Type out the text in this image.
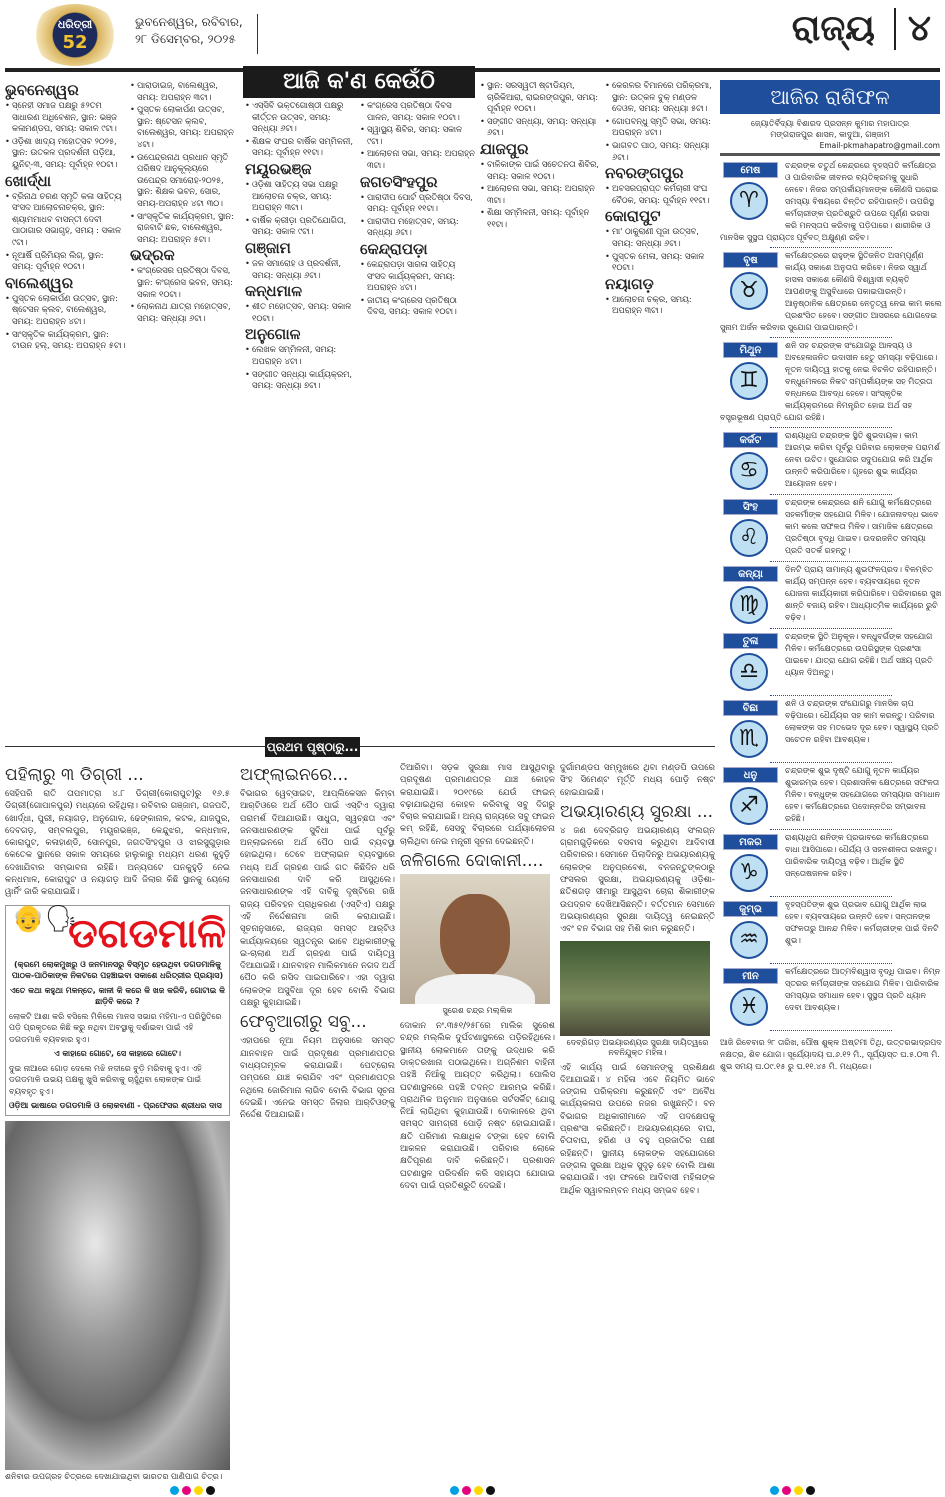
ଧରିତ୍ରୀ
52
ଭୁବନେଶ୍ୱର, ରବିବାର,
୨୮ ଡିସେମ୍ବର, ୨୦୨୫	ରାଜ୍ୟ ୪
ଆଜି କ'ଣ କେଉଁଠି
ଭୁବନେଶ୍ୱର
• ସ୍ନେହୀ ସମାଜ ପକ୍ଷରୁ ୫୨ତମ ସାଧାରଣ ଅଧିବେଶନ, ସ୍ଥାନ: ଭଞ୍ଜ କଳାମଣ୍ଡପ, ସମୟ: ସକାଳ ୯ଟା।
• ଓଡ଼ିଶା ଖାଦ୍ୟ ମହୋତ୍ସବ ୨୦୨୫, ସ୍ଥାନ: ଉତକଳ ପ୍ରଦର୍ଶନୀ ପଡ଼ିଆ, ୟୁନିଟ୍‌-୩, ସମୟ: ପୂର୍ବାହ୍ନ ୧୦ଟା।
ଖୋର୍ଦ୍ଧା
• ବ୍ରିନାଥ ଚରଣ ସ୍ମୃତି କଳା ସାହିତ୍ୟ ସଂସଦ ଆଲୋଚନାଚକ୍ର, ସ୍ଥାନ: ଶ୍ୟାମମାଧବ ବାସନ୍ତୀ ଦେବୀ ପାଠାଗାର ସଭାଗୃହ, ସମୟ : ସକାଳ ୯ଟା।
• ନୂଆର୍ଷି ପ୍ରିମିୟର ଲିଗ୍‌, ସ୍ଥାନ: ସମୟ: ପୂର୍ବାହ୍ନ ୧୦ଟା।
ବାଲେଶ୍ୱର
• ପୁସ୍ତକ ଲୋକାର୍ପଣ ଉତ୍ସବ, ସ୍ଥାନ: ଷ୍ଟେସନ କ୍ଲବ, ବାଲେଶ୍ୱର, ସମୟ: ଅପରାହ୍ନ ୪ଟା।
• ସାଂସ୍କୃତିକ କାର୍ଯ୍ୟକ୍ରମ, ସ୍ଥାନ: ଟାଉନ ହଲ୍‌, ସମୟ: ଅପରାହ୍ନ ୫ଟା।
• ପାରାଡାଇଜ୍‌, ବାଲେଶ୍ୱର, ସମୟ: ଅପରାହ୍ନ ୩ଟା।
• ପୁସ୍ତକ ଲୋକାର୍ପଣ ଉତ୍ସବ, ସ୍ଥାନ: ଷ୍ଟେସନ କ୍ଲବ, ବାଲେଶ୍ୱର, ସମୟ: ଅପରାହ୍ନ ୪ଟା।
• ଉପେନ୍ଦ୍ରନାଥ ପ୍ରଧାନ ସ୍ମୃତି ପରିଷଦ ଆନୁକୂଲ୍ୟରେ ଉପେନ୍ଦ୍ର ସମାରୋହ-୨୦୨୫, ସ୍ଥାନ: ଶିକ୍ଷକ ଭବନ, ସୋର, ସମୟ-ଅପରାହ୍ନ ୪ଟା ୩୦।
• ସାଂସ୍କୃତିକ କାର୍ଯ୍ୟକ୍ରମ, ସ୍ଥାନ: ରାଜବାଟି ଛକ, ବାଲେଶ୍ୱର, ସମୟ: ଅପରାହ୍ନ ୫ଟା।
ଭଦ୍ରକ
• କଂଗ୍ରେସର ପ୍ରତିଷ୍ଠା ଦିବସ, ସ୍ଥାନ: କଂଗ୍ରେସ ଭବନ, ସମୟ: ସକାଳ ୧୦ଟା।
• ଲୋକନାଥ ଯାତ୍ରା ମହୋତ୍ସବ, ସମୟ: ସନ୍ଧ୍ୟା ୬ଟା।
• ଏସ୍‌ସିବି ଭକ୍ତଗୋଷ୍ଠୀ ପକ୍ଷରୁ କୀର୍ତ୍ତନ ଉତ୍ସବ, ସମୟ: ସନ୍ଧ୍ୟା ୬ଟା।
• ଶିକ୍ଷକ ସଂଘର ବାର୍ଷିକ ସମ୍ମିଳନୀ, ସମୟ: ପୂର୍ବାହ୍ନ ୧୧ଟା।
ମୟୂରଭଞ୍ଜ
• ଓଡ଼ିଶା ସାହିତ୍ୟ ସଭା ପକ୍ଷରୁ ଆଲୋଚନା ଚକ୍ର, ସମୟ: ଅପରାହ୍ନ ୩ଟା।
• ବାର୍ଷିକ କ୍ରୀଡ଼ା ପ୍ରତିଯୋଗିତା, ସମୟ: ସକାଳ ୯ଟା।
ଗଞ୍ଜାମ
• ଜଳ ସମାରୋହ ଓ ପ୍ରଦର୍ଶନୀ, ସମୟ: ସନ୍ଧ୍ୟା ୬ଟା।
କନ୍ଧମାଳ
• ଶୀତ ମହୋତ୍ସବ, ସମୟ: ସକାଳ ୧୦ଟା।
ଅନୁଗୋଳ
• ଲେଖକ ସମ୍ମିଳନୀ, ସମୟ: ଅପରାହ୍ନ ୪ଟା।
• ସଙ୍ଗୀତ ସନ୍ଧ୍ୟା କାର୍ଯ୍ୟକ୍ରମ, ସମୟ: ସନ୍ଧ୍ୟା ୭ଟା।
• କଂଗ୍ରେସ ପ୍ରତିଷ୍ଠା ଦିବସ ପାଳନ, ସମୟ: ସକାଳ ୧୦ଟା।
• ସ୍ୱାସ୍ଥ୍ୟ ଶିବିର, ସମୟ: ସକାଳ ୯ଟା।
• ଆଲୋଚନା ସଭା, ସମୟ: ଅପରାହ୍ନ ୩ଟା।
ଜଗତସିଂହପୁର
• ପାରାଦୀପ ପୋର୍ଟ ପ୍ରତିଷ୍ଠା ଦିବସ, ସମୟ: ପୂର୍ବାହ୍ନ ୧୧ଟା।
• ପାରାଦୀପ ମହୋତ୍ସବ, ସମୟ: ସନ୍ଧ୍ୟା ୬ଟା।
କେନ୍ଦ୍ରାପଡ଼ା
• କେନ୍ଦ୍ରାପଡ଼ା ସାରଳା ସାହିତ୍ୟ ସଂସଦ କାର୍ଯ୍ୟକ୍ରମ, ସମୟ: ଅପରାହ୍ନ ୪ଟା।
• ଜାତୀୟ କଂଗ୍ରେସ ପ୍ରତିଷ୍ଠା ଦିବସ, ସମୟ: ସକାଳ ୧୦ଟା।
• ସ୍ଥାନ: ସରସ୍ୱତୀ ଷ୍ଟାଡିୟମ, ଚାରିକିଆରା, ରାଇରଙ୍ଗପୁର, ସମୟ: ପୂର୍ବାହ୍ନ ୧୦ଟା।
• ସଙ୍ଗୀତ ସନ୍ଧ୍ୟା, ସମୟ: ସନ୍ଧ୍ୟା ୬ଟା।
ଯାଜପୁର
• ବାଳିକାଙ୍କ ପାଇଁ ସଚେତନତା ଶିବିର, ସମୟ: ସକାଳ ୧୦ଟା।
• ଆଲୋଚନା ସଭା, ସମୟ: ଅପରାହ୍ନ ୩ଟା।
• ଶିକ୍ଷା ସମ୍ମିଳନୀ, ସମୟ: ପୂର୍ବାହ୍ନ ୧୧ଟା।
• କେରଳର ବିମାନରେ ପରିକ୍ରମା, ସ୍ଥାନ: ଉତ୍କଳ ବୁକ୍ ମଣ୍ଡଳ ଦେଓଳ, ସମୟ: ସନ୍ଧ୍ୟା ୫ଟା।
• ଗୋପବନ୍ଧୁ ସ୍ମୃତି ସଭା, ସମୟ: ଅପରାହ୍ନ ୪ଟା।
• ଭାଗବତ ପାଠ, ସମୟ: ସନ୍ଧ୍ୟା ୬ଟା।
ନବରଙ୍ଗପୁର
• ଅବସରପ୍ରାପ୍ତ କର୍ମଚାରୀ ସଂଘ ବୈଠକ, ସମୟ: ପୂର୍ବାହ୍ନ ୧୧ଟା।
କୋରାପୁଟ
• ମା' ଠାକୁରାଣୀ ପୂଜା ଉତ୍ସବ, ସମୟ: ସନ୍ଧ୍ୟା ୬ଟା।
• ପୁସ୍ତକ ମେଳା, ସମୟ: ସକାଳ ୧୦ଟା।
ନୟାଗଡ଼
• ଆଲୋଚନା ଚକ୍ର, ସମୟ: ଅପରାହ୍ନ ୩ଟା।
ଆଜିର ରାଶିଫଳ
ଜ୍ୟୋତିର୍ବିଦ୍ୟା ବିଶାରଦ ପ୍ରସନ୍ନ କୁମାର ମହାପାତ୍ର
ମଙ୍ଗରାଜପୁର ଶାସନ, କାଦୁଆ, ଗଞ୍ଜାମ
Email-pkmahapatro@gmail.com
ମେଷ
♈
ଚନ୍ଦ୍ରଙ୍କ ଚତୁର୍ଥ କେନ୍ଦ୍ରରେ ବୃହସ୍ପତି କର୍ମକ୍ଷେତ୍ର ଓ ପାରିବାରିକ ଜୀବନର ବ୍ୟତିକ୍ରମକୁ ସୁଧାରି ନେବେ। ନିଜର ସମ୍ପର୍କୀୟମାନଙ୍କ କୌଣସି ଘରୋଇ ସମସ୍ୟା ବିଷୟରେ ଚିନ୍ତିତ ରହିପାରନ୍ତି। ଉପରିସ୍ଥ କର୍ମଚାରୀଙ୍କ ପ୍ରତିଶ୍ରୁତି ଉପରେ ପୂର୍ଣ୍ଣ ଭରସା କରି ମନସ୍ତାପ କରିବାକୁ ପଡ଼ିପାରେ। ଶାରୀରିକ ଓ ମାନସିକ ସୁସ୍ଥତା ପ୍ରାୟତଃ ପୂର୍ବବତ୍‌ ଅକ୍ଷୁଣ୍ଣ ରହିବ।
ବୃଷ
♉
କର୍ମକ୍ଷେତ୍ରରେ ରାହୁଙ୍କ ସ୍ଥିତିଜନିତ ଅସମ୍ପୂର୍ଣ୍ଣ କାର୍ଯ୍ୟ ସକାଶେ ଅନୁତାପ କରିବେ। ନିଜର ସ୍ୱାର୍ଥ ହାସଲ ସକାଶେ କୌଣସି ବିଶ୍ୱାସୀ ବ୍ୟକ୍ତି ଆପଣଙ୍କୁ ଅସୁବିଧାରେ ପକାଇପାରନ୍ତି। ଆନୁଷ୍ଠାନିକ କ୍ଷେତ୍ରରେ ନେତୃତ୍ୱ ନେଇ କାମ କଲେ ପ୍ରଶଂସିତ ହେବେ। ସଙ୍ଗୀତ ଆସରରେ ଯୋଗଦେଇ ସୁନାମ ଅର୍ଜନ କରିବାର ସୁଯୋଗ ପାଇପାରନ୍ତି।
ମିଥୁନ
♊
ଶନି ସହ ଚନ୍ଦ୍ରଙ୍କ ସଂଯୋଗରୁ ଆଳସ୍ୟ ଓ ଅବହେଳାଜନିତ ଉଦାସୀନ ହେତୁ ସମସ୍ୟା ବଢ଼ିପାରେ। ନୂତନ ଦାୟିତ୍ୱ ହାତକୁ ନେଇ ବିଚଳିତ ରହିପାରନ୍ତି। ବନ୍ଧୁମେଳରେ ନିକଟ ସମ୍ପର୍କୀୟଙ୍କ ସହ ମିତ୍ରତା ବନ୍ଧନରେ ଆବଦ୍ଧ ହେବେ। ସାଂସ୍କୃତିକ କାର୍ଯ୍ୟକ୍ରମରେ ନିମନ୍ତ୍ରିତ ହୋଇ ଅର୍ଥ ସହ ବସ୍ତ୍ରଭୂଷଣ ପ୍ରାପ୍ତି ଯୋଗ ରହିଛି।
କର୍କଟ
♋
ରାଶ୍ୟାଧିପ ଚନ୍ଦ୍ରଙ୍କ ସ୍ଥିତି ଶୁଭଦାୟକ। କାମ ଆରମ୍ଭ କରିବା ପୂର୍ବରୁ ପରିବାର ଲୋକଙ୍କ ପରାମର୍ଶ ନେବା ଉଚିତ। ସୁଯୋଗର ସଦୁପଯୋଗ କରି ଆର୍ଥିକ ଉନ୍ନତି କରିପାରିବେ। ଗୃହରେ ଶୁଭ କାର୍ଯ୍ୟର ଆୟୋଜନ ହେବ।
ସିଂହ
♌
ଚନ୍ଦ୍ରଙ୍କ କେନ୍ଦ୍ରରେ ଶନି ଯୋଗୁ କର୍ମକ୍ଷେତ୍ରରେ ସହକର୍ମୀଙ୍କ ସହଯୋଗ ମିଳିବ। ଯୋଜନାବଦ୍ଧ ଭାବେ କାମ କଲେ ସଫଳତା ମିଳିବ। ସାମାଜିକ କ୍ଷେତ୍ରରେ ପ୍ରତିଷ୍ଠା ବୃଦ୍ଧି ପାଇବ। ଉଦରଜନିତ ସମସ୍ୟା ପ୍ରତି ସତର୍କ ରହନ୍ତୁ।
କନ୍ୟା
♍
ଦିନଟି ପ୍ରାୟ ସାମାନ୍ୟ ଶୁଭଫଳପ୍ରଦ। ବିଳମ୍ବିତ କାର୍ଯ୍ୟ ସମ୍ପନ୍ନ ହେବ। ବ୍ୟବସାୟରେ ନୂତନ ଯୋଜନା କାର୍ଯ୍ୟକାରୀ କରିପାରିବେ। ପରିବାରରେ ସୁଖ ଶାନ୍ତି ବଜାୟ ରହିବ। ଆଧ୍ୟାତ୍ମିକ କାର୍ଯ୍ୟରେ ରୁଚି ବଢ଼ିବ।
ତୁଳା
♎
ଚନ୍ଦ୍ରଙ୍କ ସ୍ଥିତି ଅନୁକୂଳ। ବନ୍ଧୁବର୍ଗଙ୍କ ସହଯୋଗ ମିଳିବ। କର୍ମକ୍ଷେତ୍ରରେ ଉପରିସ୍ଥଙ୍କ ପ୍ରଶଂସା ପାଇବେ। ଯାତ୍ରା ଯୋଗ ରହିଛି। ଅର୍ଥ ସଞ୍ଚୟ ପ୍ରତି ଧ୍ୟାନ ଦିଅନ୍ତୁ।
ବିଛା
♏
ଶନି ଓ ଚନ୍ଦ୍ରଙ୍କ ସଂଯୋଗରୁ ମାନସିକ ଚାପ ବଢ଼ିପାରେ। ଧୈର୍ଯ୍ୟର ସହ କାମ କରନ୍ତୁ। ପରିବାର ଲୋକଙ୍କ ସହ ମତଭେଦ ଦୂର ହେବ। ସ୍ୱାସ୍ଥ୍ୟ ପ୍ରତି ସଚେତନ ରହିବା ଆବଶ୍ୟକ।
ଧନୁ
♐
ଚନ୍ଦ୍ରଙ୍କ ଶୁଭ ଦୃଷ୍ଟି ଯୋଗୁ ନୂତନ କାର୍ଯ୍ୟର ଶୁଭାରମ୍ଭ ହେବ। ପ୍ରଶାସନିକ କ୍ଷେତ୍ରରେ ସଫଳତା ମିଳିବ। ବନ୍ଧୁଙ୍କ ସହଯୋଗରେ ସମସ୍ୟାର ସମାଧାନ ହେବ। କର୍ମକ୍ଷେତ୍ରରେ ପଦୋନ୍ନତିର ସମ୍ଭାବନା ରହିଛି।
ମକର
♑
ରାଶ୍ୟାଧିପ ଶନିଙ୍କ ପ୍ରଭାବରେ କର୍ମକ୍ଷେତ୍ରରେ ବାଧା ଆସିପାରେ। ଧୈର୍ଯ୍ୟ ଓ ସହନଶୀଳତା ରଖନ୍ତୁ। ପାରିବାରିକ ଦାୟିତ୍ୱ ବଢ଼ିବ। ଆର୍ଥିକ ସ୍ଥିତି ସନ୍ତୋଷଜନକ ରହିବ।
କୁମ୍ଭ
♒
ବୃହସ୍ପତିଙ୍କ ଶୁଭ ପ୍ରଭାବ ଯୋଗୁ ଆର୍ଥିକ ଲାଭ ହେବ। ବ୍ୟବସାୟରେ ଉନ୍ନତି ହେବ। ସନ୍ତାନଙ୍କ ସଫଳତାରୁ ଆନନ୍ଦ ମିଳିବ। କର୍ମଚାରୀଙ୍କ ପାଇଁ ଦିନଟି ଶୁଭ।
ମୀନ
♓
କର୍ମକ୍ଷେତ୍ରରେ ଆତ୍ମବିଶ୍ୱାସ ବୃଦ୍ଧି ପାଇବ। ନିମ୍ନ ସ୍ତରର କର୍ମଚାରୀଙ୍କ ସହଯୋଗ ମିଳିବ। ପାରିବାରିକ ସମସ୍ୟାର ସମାଧାନ ହେବ। ସୁସ୍ଥତା ପ୍ରତି ଧ୍ୟାନ ଦେବା ଆବଶ୍ୟକ।
ଆଜି ରିବେବାର ୨୮ ତାରିଖ, ପୌଷ ଶୁକ୍ଳ ଅଷ୍ଟମୀ ତିଥି, ଉତ୍ତରଭାଦ୍ରପଦ ନକ୍ଷତ୍ର, ଶିବ ଯୋଗ। ସୂର୍ଯ୍ୟୋଦୟ ଘ.୬.୧୨ ମି., ସୂର୍ଯ୍ୟାସ୍ତ ଘ.୫.୦୩ ମି. ଶୁଭ ସମୟ ଘ.୦୯.୧୫ ରୁ ଘ.୧୧.୪୫ ମି. ମଧ୍ୟରେ।
ପ୍ରଥମ ପୃଷ୍ଠାରୁ...
ପହିଲାରୁ ୩ ଡିଗ୍ରୀ ...

ସେହିପରି ରାତି ତାପମାତ୍ରା ୪.୮ ଡିଗ୍ରୀ(କୋରାପୁଟ)ରୁ ୧୬.୫ ଡିଗ୍ରୀ(ଗୋପାଳପୁର) ମଧ୍ୟରେ ରହିଥିଲା। ରବିବାର ଗଞ୍ଜାମ, ଗଜପତି, ଖୋର୍ଦ୍ଧା, ପୁରୀ, ନୟାଗଡ଼, ଅନୁଗୋଳ, ଢେଙ୍କାନାଳ, କଟକ, ଯାଜପୁର, ଦେବଗଡ଼, ସମ୍ବଲପୁର, ମୟୂରଭଞ୍ଜ, କେନ୍ଦୁଝର, କନ୍ଧମାଳ, କୋରାପୁଟ, କଳାହାଣ୍ଡି, ସୋନପୁର, ଜଗତସିଂହପୁର ଓ ଝାରସୁଗୁଡ଼ାର କେତେକ ସ୍ଥାନରେ ସକାଳ ସମୟରେ ହାଲୁକାରୁ ମଧ୍ୟମ ଧରଣ କୁହୁଡ଼ି ଦେଖାଯିବାର ସମ୍ଭାବନା ରହିଛି। ଅନ୍ୟପଟେ ଘନକୁହୁଡ଼ି ନେଇ କନ୍ଧମାଳ, କୋରାପୁଟ ଓ ନୟାଗଡ଼ ଆଦି ଜିଲାର କିଛି ସ୍ଥାନକୁ ୟେଲୋ ୱାର୍ନିଂ ଜାରି କରାଯାଇଛି।

👴🗣
ଡଗଡମାଳି
(କ୍ରମେ ଲୋକମୁଖରୁ ଓ ଜନମାନସରୁ ବିସ୍ମୃତ ହେଉଥିବା ଡଗଡମାଳିକୁ ପାଠକ-ପାଠିକାଙ୍କ ନିକଟରେ ପହଞ୍ଚାଇବା ସକାଶେ ଧରିତ୍ରୀର ପ୍ରୟାସ)
ଏତେ କଥା କହୁଥା ମଳନ୍ତେ, କାଳୀ କି କରେ କି ଖଜ କରିବି, ଗୋଟାଇ କି ଛାଡ଼ିବି କରେ ?

ଲୋକଟି ଆଶା କରି ବସିଲେ ମିଳିଲେ ମାନସ ସଭାର ମହିମା-ଏ ପରିସ୍ଥିତିରେ ପଡ଼ି ପ୍ରକୃତରେ କିଛି କରୁ ନଥିବା ଅବସ୍ଥାକୁ ଦର୍ଶାଇବା ପାଇଁ ଏହି ଡଗଡମାଳି ବ୍ୟବହାର ହୁଏ।

ଏ କାହାରେ ଗୋଟେ, ସେ କାହାରେ ଗୋଟେ।

ଦୁଇ ନାଆରେ ଗୋଡ଼ ଦେଲେ ମଝି ନଦୀରେ ବୁଡ଼ି ମରିବାକୁ ହୁଏ। ଏହି ଡଗଡମାଳି ଉଭୟ ପକ୍ଷକୁ ଖୁସି କରିବାକୁ ଚାହୁଁଥିବା ଲୋକଙ୍କ ପାଇଁ ବ୍ୟବହୃତ ହୁଏ।

ଓଡ଼ିଆ ଭାଷାରେ ଡଗଡମାଳି ଓ ଲୋକବାଣୀ - ପ୍ରଫେସର ଶ୍ରୀଧର ଦାସ
ଶନିବାର ଉପଗ୍ରହ ଚିତ୍ରରେ ଦେଖାଯାଇଥିବା ଭାରତର ପାଣିପାଗ ଚିତ୍ର।
ଅଫ୍‌ଲାଇନରେ...

ବିଭାଗର ୱେବ୍‌ସାଇଟ, ଆପ୍ଲିକେସନ କିମ୍ବା ଆର୍‌ଟିଓରେ ଅର୍ଥ ପୈଠ ପାଇଁ ଏସ୍‌ଟିଏ ଦ୍ୱାରା ପରାମର୍ଶ ଦିଆଯାଉଛି। ସାଧୁତା, ସ୍ୱଚ୍ଛତା ଏବଂ ଜନସାଧାରଣଙ୍କ ସୁବିଧା ପାଇଁ ପୂର୍ବରୁ ଅନ୍‌ଲାଇନରେ ଅର୍ଥ ପୈଠ ପାଇଁ ବ୍ୟବସ୍ଥା ହୋଇଥିଲା। ତେବେ ଅଫ୍‌ଲାଇନ ବ୍ୟବସ୍ଥାରେ ମଧ୍ୟ ଅର୍ଥ ଗ୍ରହଣ ପାଇଁ ଗତ କିଛିଦିନ ଧରି ଜନସାଧାରଣ ଦାବି କରି ଆସୁଥିଲେ। ଜନସାଧାରଣଙ୍କ ଏହି ଦାବିକୁ ଦୃଷ୍ଟିରେ ରଖି ରାଜ୍ୟ ପରିବହନ ପ୍ରାଧିକରଣ (ଏସ୍‌ଟିଏ) ପକ୍ଷରୁ ଏହି ନିର୍ଦ୍ଦେଶନାମା ଜାରି କରାଯାଇଛି। ସୂଚନାନୁସାରେ, ରାଜ୍ୟର ସମସ୍ତ ଆର୍‌ଟିଓ କାର୍ଯ୍ୟାଳୟରେ ସ୍ୱତନ୍ତ୍ର ଭାବେ ଅଧିକାରୀଙ୍କୁ ଇ-ଚାଲାଣ ଅର୍ଥ ଗ୍ରହଣ ପାଇଁ ଦାୟିତ୍ୱ ଦିଆଯାଇଛି। ଯାନବାହନ ମାଲିକମାନେ ନଗଦ ଅର୍ଥ ପୈଠ କରି ରସିଦ ପାଇପାରିବେ। ଏହା ଦ୍ୱାରା ଲୋକଙ୍କ ଅସୁବିଧା ଦୂର ହେବ ବୋଲି ବିଭାଗ ପକ୍ଷରୁ କୁହାଯାଇଛି।

ଫେବୃଆରୀରୁ ସବୁ...

ଏହାପରେ ନୂଆ ନିୟମ ଅନୁସାରେ ସମସ୍ତ ଯାନବାହନ ପାଇଁ ପ୍ରଦୂଷଣ ପ୍ରମାଣପତ୍ର ବାଧ୍ୟତାମୂଳକ କରାଯାଇଛି। ପେଟ୍ରୋଲ ପମ୍ପରେ ଯାଞ୍ଚ କରାଯିବ ଏବଂ ପ୍ରମାଣପତ୍ର ନଥିଲେ ଜୋରିମାନା ଲାଗିବ ବୋଲି ବିଭାଗ ସୂଚନା ଦେଇଛି। ଏନେଇ ସମସ୍ତ ଜିଲାର ଆର୍‌ଟିଓଙ୍କୁ ନିର୍ଦ୍ଦେଶ ଦିଆଯାଇଛି।

ତିଆରିବା। ସଡ଼କ ସୁରକ୍ଷା ମାସ ଆସୁଥିବାରୁ ପ୍ରଦୂଷଣ ପ୍ରମାଣପତ୍ର ଯାଞ୍ଚ କୋହଳ କରାଯାଇଛି। ୨୦୧୯ରେ ଯେଉଁ ଫାଇନ୍ ବଢ଼ାଯାଇଥିଲା କୋହଳ କରିବାକୁ ସବୁ ଦିଗରୁ ବିଚାର କରାଯାଇଛି। ଅନ୍ୟ ରାଜ୍ୟରେ ସବୁ ଫାଇନ କମ୍ ରହିଛି, ସେସବୁ ବିଚାରରେ ପର୍ଯ୍ୟାଲୋଚନା ଚାଲିଥିବା ନେଇ ମନ୍ତ୍ରୀ ସୂଚନା ଦେଇଛନ୍ତି।

ଜଳିଗଲେ ଦୋକାନୀ....
ସୁରେଶ ଚନ୍ଦ୍ର ମଲ୍ଲିକ

ଦୋକାନ ନଂ.୩୫୧/୨୫୮ରେ ମାଲିକ ସୁରେଶ ଚନ୍ଦ୍ର ମଲ୍ଲିକ ଦୁର୍ଘଟଣାସ୍ଥଳରେ ପଡ଼ିରହିଥିଲେ। ସ୍ଥାନୀୟ ଲୋକମାନେ ତାଙ୍କୁ ଉଦ୍ଧାର କରି ଡାକ୍ତରଖାନା ପଠାଇଥିଲେ। ଅଗ୍ନିଶମ ବାହିନୀ ପହଞ୍ଚି ନିଆଁକୁ ଆୟତ୍ତ କରିଥିଲା। ପୋଲିସ ଘଟଣାସ୍ଥଳରେ ପହଞ୍ଚି ତଦନ୍ତ ଆରମ୍ଭ କରିଛି। ପ୍ରାଥମିକ ଅନୁମାନ ଅନୁସାରେ ସର୍ଟସର୍କିଟ୍ ଯୋଗୁ ନିଆଁ ଲାଗିଥିବା କୁହାଯାଉଛି। ଦୋକାନରେ ଥିବା ସମସ୍ତ ସାମଗ୍ରୀ ପୋଡ଼ି ନଷ୍ଟ ହୋଇଯାଇଛି। କ୍ଷତି ପରିମାଣ ଲକ୍ଷାଧିକ ଟଙ୍କା ହେବ ବୋଲି ଆକଳନ କରାଯାଉଛି। ପରିବାର ଲୋକେ କ୍ଷତିପୂରଣ ଦାବି କରିଛନ୍ତି। ପ୍ରଶାସନ ଘଟଣାସ୍ଥଳ ପରିଦର୍ଶନ କରି ସହାୟତା ଯୋଗାଇ ଦେବା ପାଇଁ ପ୍ରତିଶ୍ରୁତି ଦେଇଛି।

ଦୁର୍ଗାମଣ୍ଡପ ସମ୍ମୁଖରେ ଥିବା ମଣ୍ଡପି ଉପରେ ସିଂହ ସିମେଣ୍ଟ ମୂର୍ତ୍ତି ମଧ୍ୟ ପୋଡ଼ି ନଷ୍ଟ ହୋଇଯାଇଛି।

ଅଭୟାରଣ୍ୟ ସୁରକ୍ଷା ...

୪ ଜଣ ଦେବ୍ରିଗଡ଼ ଅଭୟାରଣ୍ୟ ସଂଲଗ୍ନ ଗ୍ରାମଗୁଡ଼ିକରେ ବସବାସ କରୁଥିବା ଆଦିବାସୀ ପରିବାରର। ସେମାନେ ପିଲାଦିନରୁ ଅଭୟାରଣ୍ୟକୁ ଲୋକଙ୍କ ଅନୁପ୍ରବେଶ, ବନଜନ୍ତୁଙ୍କଠାରୁ ଫସଲର ସୁରକ୍ଷା, ଅଭୟାରଣ୍ୟକୁ ଓଡ଼ିଶା-ଛତିଶଗଡ଼ ସୀମାରୁ ଆସୁଥିବା ଚୋରା ଶିକାରୀଙ୍କ ଉପଦ୍ରବ ଦେଖିଆସିଛନ୍ତି। ବର୍ତ୍ତମାନ ସେମାନେ ଅଭୟାରଣ୍ୟର ସୁରକ୍ଷା ଦାୟିତ୍ୱ ନେଇଛନ୍ତି ଏବଂ ବନ ବିଭାଗ ସହ ମିଶି କାମ କରୁଛନ୍ତି।

ଦେବ୍ରିଗଡ଼ ଅଭୟାରଣ୍ୟର ସୁରକ୍ଷା ଦାୟିତ୍ୱରେ ନବନିଯୁକ୍ତ ମହିଳା।

ଏହି କାର୍ଯ୍ୟ ପାଇଁ ସେମାନଙ୍କୁ ପ୍ରଶିକ୍ଷଣ ଦିଆଯାଇଛି। ୪ ମହିଳା ଏବେ ନିୟମିତ ଭାବେ ଜଙ୍ଗଲ ପରିକ୍ରମା କରୁଛନ୍ତି ଏବଂ ଅବୈଧ କାର୍ଯ୍ୟକଳାପ ଉପରେ ନଜର ରଖୁଛନ୍ତି। ବନ ବିଭାଗର ଅଧିକାରୀମାନେ ଏହି ପଦକ୍ଷେପକୁ ପ୍ରଶଂସା କରିଛନ୍ତି। ଅଭୟାରଣ୍ୟରେ ବାଘ, ଚିତାବାଘ, ହରିଣ ଓ ବହୁ ପ୍ରଜାତିର ପକ୍ଷୀ ରହିଛନ୍ତି। ସ୍ଥାନୀୟ ଲୋକଙ୍କ ସହଯୋଗରେ ଜଙ୍ଗଲ ସୁରକ୍ଷା ଅଧିକ ସୁଦୃଢ଼ ହେବ ବୋଲି ଆଶା କରାଯାଉଛି। ଏହା ଫଳରେ ଆଦିବାସୀ ମହିଳାଙ୍କ ଆର୍ଥିକ ସ୍ୱାବଲମ୍ବନ ମଧ୍ୟ ସମ୍ଭବ ହେବ।
